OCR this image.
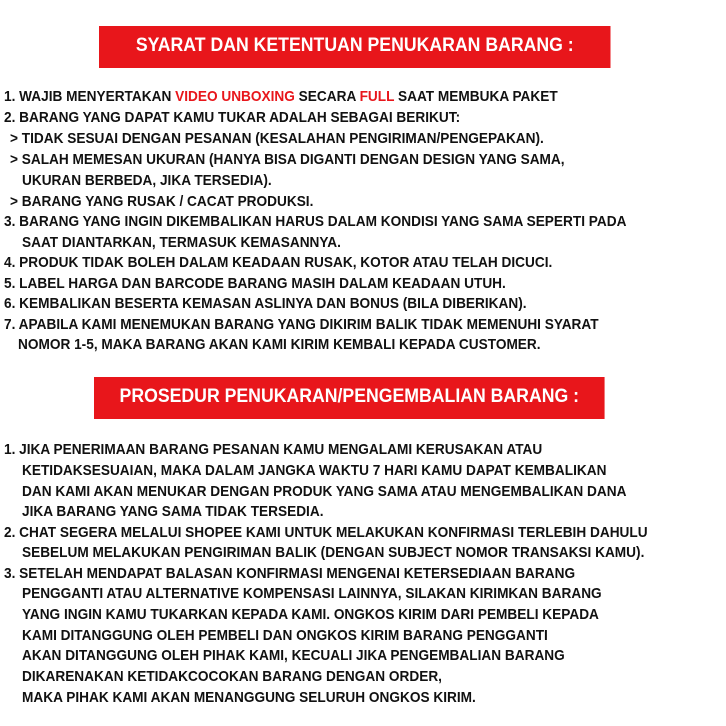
SYARAT DAN KETENTUAN PENUKARAN BARANG :
1. WAJIB MENYERTAKAN VIDEO UNBOXING SECARA FULL SAAT MEMBUKA PAKET
2. BARANG YANG DAPAT KAMU TUKAR ADALAH SEBAGAI BERIKUT:
> TIDAK SESUAI DENGAN PESANAN (KESALAHAN PENGIRIMAN/PENGEPAKAN).
> SALAH MEMESAN UKURAN (HANYA BISA DIGANTI DENGAN DESIGN YANG SAMA,
UKURAN BERBEDA, JIKA TERSEDIA).
> BARANG YANG RUSAK / CACAT PRODUKSI.
3. BARANG YANG INGIN DIKEMBALIKAN HARUS DALAM KONDISI YANG SAMA SEPERTI PADA
SAAT DIANTARKAN, TERMASUK KEMASANNYA.
4. PRODUK TIDAK BOLEH DALAM KEADAAN RUSAK, KOTOR ATAU TELAH DICUCI.
5. LABEL HARGA DAN BARCODE BARANG MASIH DALAM KEADAAN UTUH.
6. KEMBALIKAN BESERTA KEMASAN ASLINYA DAN BONUS (BILA DIBERIKAN).
7. APABILA KAMI MENEMUKAN BARANG YANG DIKIRIM BALIK TIDAK MEMENUHI SYARAT
NOMOR 1-5, MAKA BARANG AKAN KAMI KIRIM KEMBALI KEPADA CUSTOMER.
PROSEDUR PENUKARAN/PENGEMBALIAN BARANG :
1. JIKA PENERIMAAN BARANG PESANAN KAMU MENGALAMI KERUSAKAN ATAU
KETIDAKSESUAIAN, MAKA DALAM JANGKA WAKTU 7 HARI KAMU DAPAT KEMBALIKAN
DAN KAMI AKAN MENUKAR DENGAN PRODUK YANG SAMA ATAU MENGEMBALIKAN DANA
JIKA BARANG YANG SAMA TIDAK TERSEDIA.
2. CHAT SEGERA MELALUI SHOPEE KAMI UNTUK MELAKUKAN KONFIRMASI TERLEBIH DAHULU
SEBELUM MELAKUKAN PENGIRIMAN BALIK (DENGAN SUBJECT NOMOR TRANSAKSI KAMU).
3. SETELAH MENDAPAT BALASAN KONFIRMASI MENGENAI KETERSEDIAAN BARANG
PENGGANTI ATAU ALTERNATIVE KOMPENSASI LAINNYA, SILAKAN KIRIMKAN BARANG
YANG INGIN KAMU TUKARKAN KEPADA KAMI. ONGKOS KIRIM DARI PEMBELI KEPADA
KAMI DITANGGUNG OLEH PEMBELI DAN ONGKOS KIRIM BARANG PENGGANTI
AKAN DITANGGUNG OLEH PIHAK KAMI, KECUALI JIKA PENGEMBALIAN BARANG
DIKARENAKAN KETIDAKCOCOKAN BARANG DENGAN ORDER,
MAKA PIHAK KAMI AKAN MENANGGUNG SELURUH ONGKOS KIRIM.
